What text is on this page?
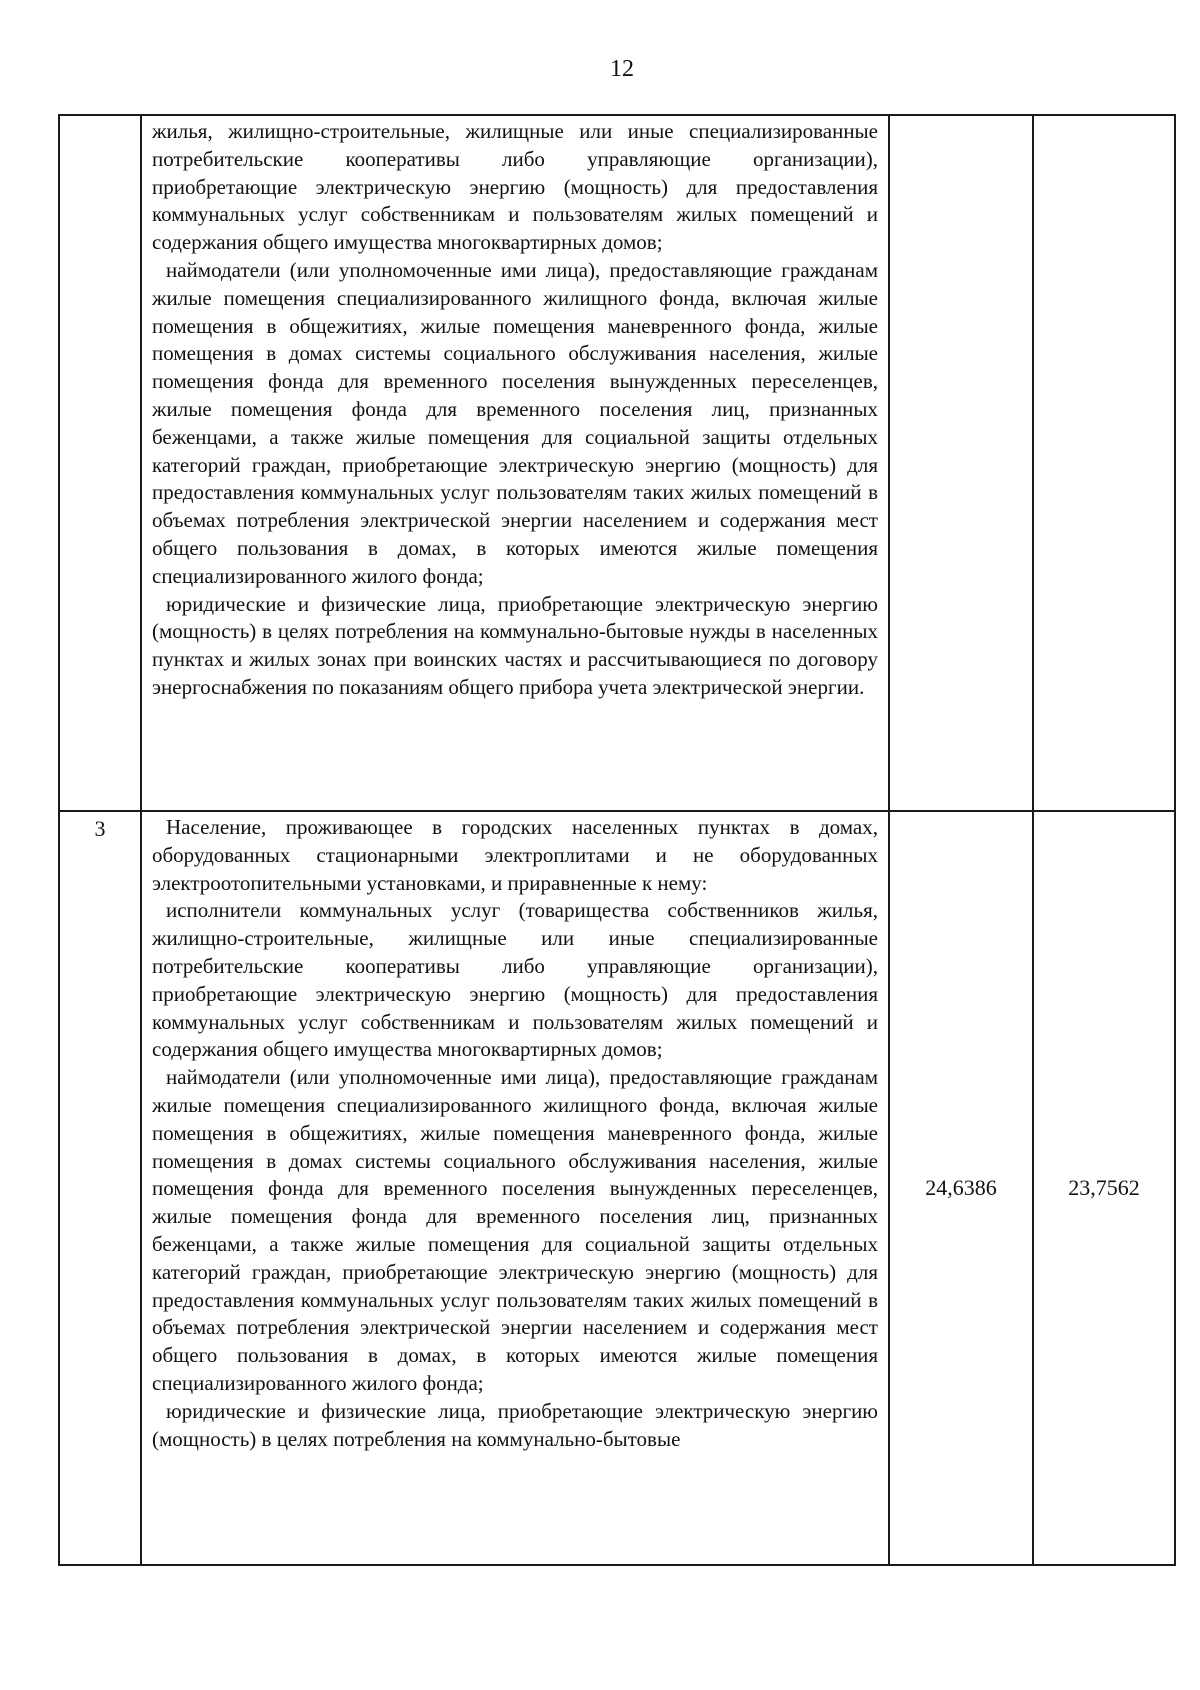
12

	жилья, жилищно-строительные, жилищные или иные специализированные потребительские кооперативы либо управляющие организации), приобретающие электрическую энергию (мощность) для предоставления коммунальных услуг собственникам и пользователям жилых помещений и содержания общего имущества многоквартирных домов;

наймодатели (или уполномоченные ими лица), предоставляющие гражданам жилые помещения специализированного жилищного фонда, включая жилые помещения в общежитиях, жилые помещения маневренного фонда, жилые помещения в домах системы социального обслуживания населения, жилые помещения фонда для временного поселения вынужденных переселенцев, жилые помещения фонда для временного поселения лиц, признанных беженцами, а также жилые помещения для социальной защиты отдельных категорий граждан, приобретающие электрическую энергию (мощность) для предоставления коммунальных услуг пользователям таких жилых помещений в объемах потребления электрической энергии населением и содержания мест общего пользования в домах, в которых имеются жилые помещения специализированного жилого фонда;

юридические и физические лица, приобретающие электрическую энергию (мощность) в целях потребления на коммунально-бытовые нужды в населенных пунктах и жилых зонах при воинских частях и рассчитывающиеся по договору энергоснабжения по показаниям общего прибора учета электрической энергии.		

3	Население, проживающее в городских населенных пунктах в домах, оборудованных стационарными электроплитами и не оборудованных электроотопительными установками, и приравненные к нему:

исполнители коммунальных услуг (товарищества собственников жилья, жилищно-строительные, жилищные или иные специализированные потребительские кооперативы либо управляющие организации), приобретающие электрическую энергию (мощность) для предоставления коммунальных услуг собственникам и пользователям жилых помещений и содержания общего имущества многоквартирных домов;

наймодатели (или уполномоченные ими лица), предоставляющие гражданам жилые помещения специализированного жилищного фонда, включая жилые помещения в общежитиях, жилые помещения маневренного фонда, жилые помещения в домах системы социального обслуживания населения, жилые помещения фонда для временного поселения вынужденных переселенцев, жилые помещения фонда для временного поселения лиц, признанных беженцами, а также жилые помещения для социальной защиты отдельных категорий граждан, приобретающие электрическую энергию (мощность) для предоставления коммунальных услуг пользователям таких жилых помещений в объемах потребления электрической энергии населением и содержания мест общего пользования в домах, в которых имеются жилые помещения специализированного жилого фонда;

юридические и физические лица, приобретающие электрическую энергию (мощность) в целях потребления на коммунально-бытовые	24,6386	23,7562
